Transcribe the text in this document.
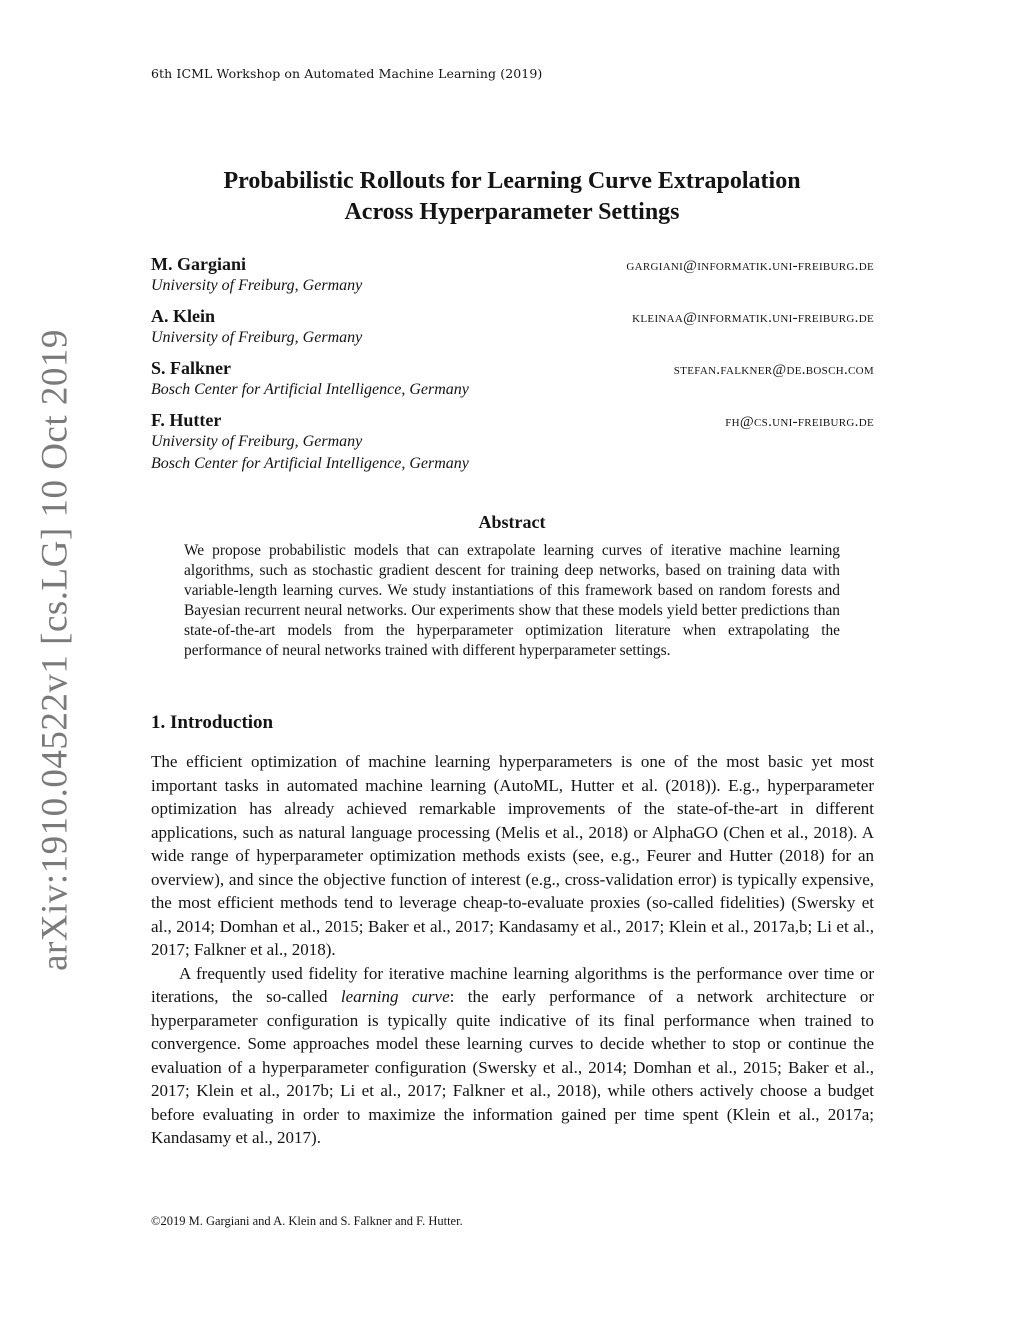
6th ICML Workshop on Automated Machine Learning (2019)
arXiv:1910.04522v1 [cs.LG] 10 Oct 2019
Probabilistic Rollouts for Learning Curve Extrapolation
Across Hyperparameter Settings
M. Gargiani	gargiani@informatik.uni-freiburg.de
University of Freiburg, Germany
A. Klein	kleinaa@informatik.uni-freiburg.de
University of Freiburg, Germany
S. Falkner	stefan.falkner@de.bosch.com
Bosch Center for Artificial Intelligence, Germany
F. Hutter	fh@cs.uni-freiburg.de
University of Freiburg, Germany
Bosch Center for Artificial Intelligence, Germany
Abstract
We propose probabilistic models that can extrapolate learning curves of iterative machine learning algorithms, such as stochastic gradient descent for training deep networks, based on training data with variable-length learning curves. We study instantiations of this framework based on random forests and Bayesian recurrent neural networks. Our experiments show that these models yield better predictions than state-of-the-art models from the hyperparameter optimization literature when extrapolating the performance of neural networks trained with different hyperparameter settings.
1. Introduction

The efficient optimization of machine learning hyperparameters is one of the most basic yet most important tasks in automated machine learning (AutoML, Hutter et al. (2018)). E.g., hyperparameter optimization has already achieved remarkable improvements of the state-of-the-art in different applications, such as natural language processing (Melis et al., 2018) or AlphaGO (Chen et al., 2018). A wide range of hyperparameter optimization methods exists (see, e.g., Feurer and Hutter (2018) for an overview), and since the objective function of interest (e.g., cross-validation error) is typically expensive, the most efficient methods tend to leverage cheap-to-evaluate proxies (so-called fidelities) (Swersky et al., 2014; Domhan et al., 2015; Baker et al., 2017; Kandasamy et al., 2017; Klein et al., 2017a,b; Li et al., 2017; Falkner et al., 2018).

A frequently used fidelity for iterative machine learning algorithms is the performance over time or iterations, the so-called learning curve: the early performance of a network architecture or hyperparameter configuration is typically quite indicative of its final performance when trained to convergence. Some approaches model these learning curves to decide whether to stop or continue the evaluation of a hyperparameter configuration (Swersky et al., 2014; Domhan et al., 2015; Baker et al., 2017; Klein et al., 2017b; Li et al., 2017; Falkner et al., 2018), while others actively choose a budget before evaluating in order to maximize the information gained per time spent (Klein et al., 2017a; Kandasamy et al., 2017).

©2019 M. Gargiani and A. Klein and S. Falkner and F. Hutter.
